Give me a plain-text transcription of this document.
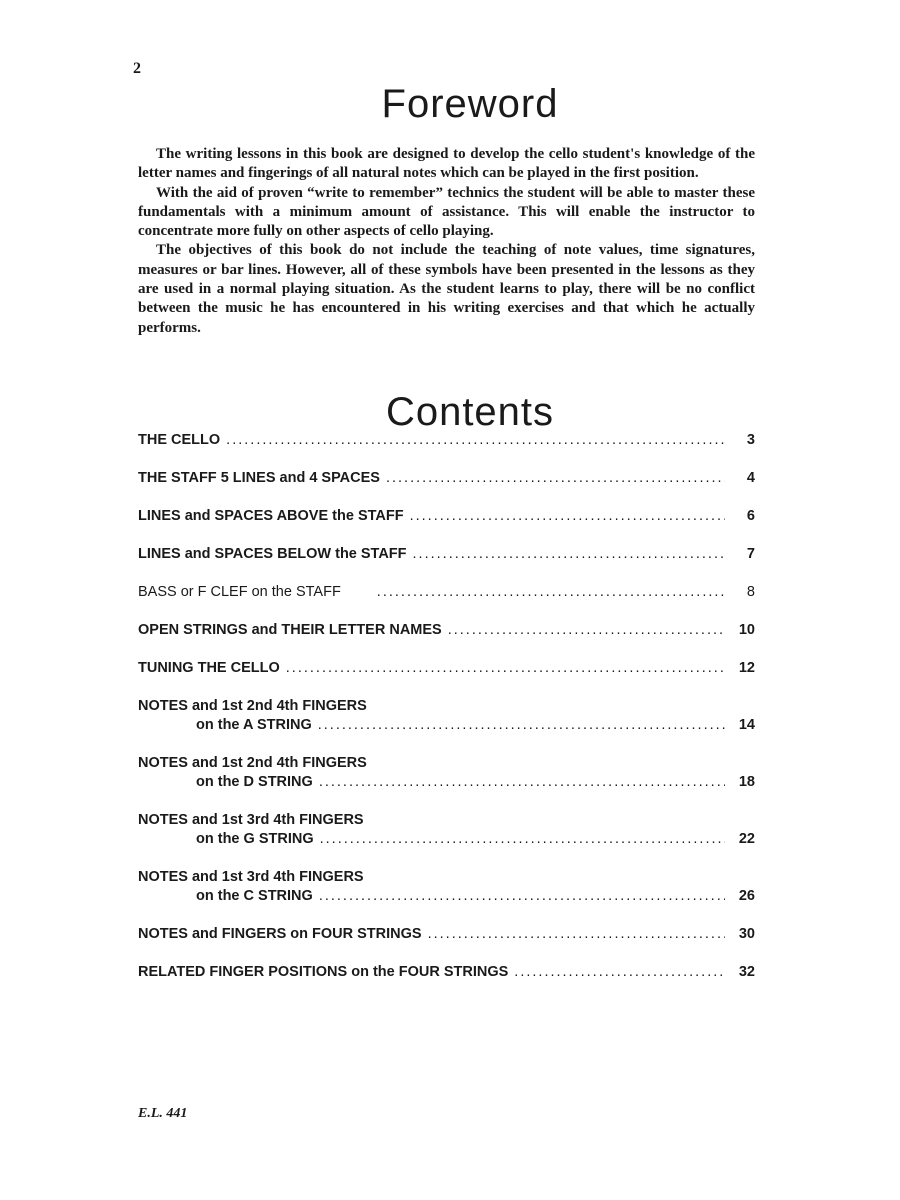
2
Foreword

The writing lessons in this book are designed to develop the cello student's knowledge of the letter names and fingerings of all natural notes which can be played in the first position.

With the aid of proven “write to remember” technics the student will be able to master these fundamentals with a minimum amount of assistance. This will enable the instructor to concentrate more fully on other aspects of cello playing.

The objectives of this book do not include the teaching of note values, time signatures, measures or bar lines. However, all of these symbols have been presented in the lessons as they are used in a normal playing situation. As the student learns to play, there will be no conflict between the music he has encountered in his writing exercises and that which he actually performs.

Contents
THE CELLO .....	3
THE STAFF 5 LINES and 4 SPACES .....	4
LINES and SPACES ABOVE the STAFF .....	6
LINES and SPACES BELOW the STAFF .....	7
BASS or F CLEF on the STAFF .....	8
OPEN STRINGS and THEIR LETTER NAMES .....	10
TUNING THE CELLO .....	12
NOTES and 1st 2nd 4th FINGERS
on the A STRING .....	14
NOTES and 1st 2nd 4th FINGERS
on the D STRING .....	18
NOTES and 1st 3rd 4th FINGERS
on the G STRING .....	22
NOTES and 1st 3rd 4th FINGERS
on the C STRING .....	26
NOTES and FINGERS on FOUR STRINGS .....	30
RELATED FINGER POSITIONS on the FOUR STRINGS .....	32
E.L. 441
